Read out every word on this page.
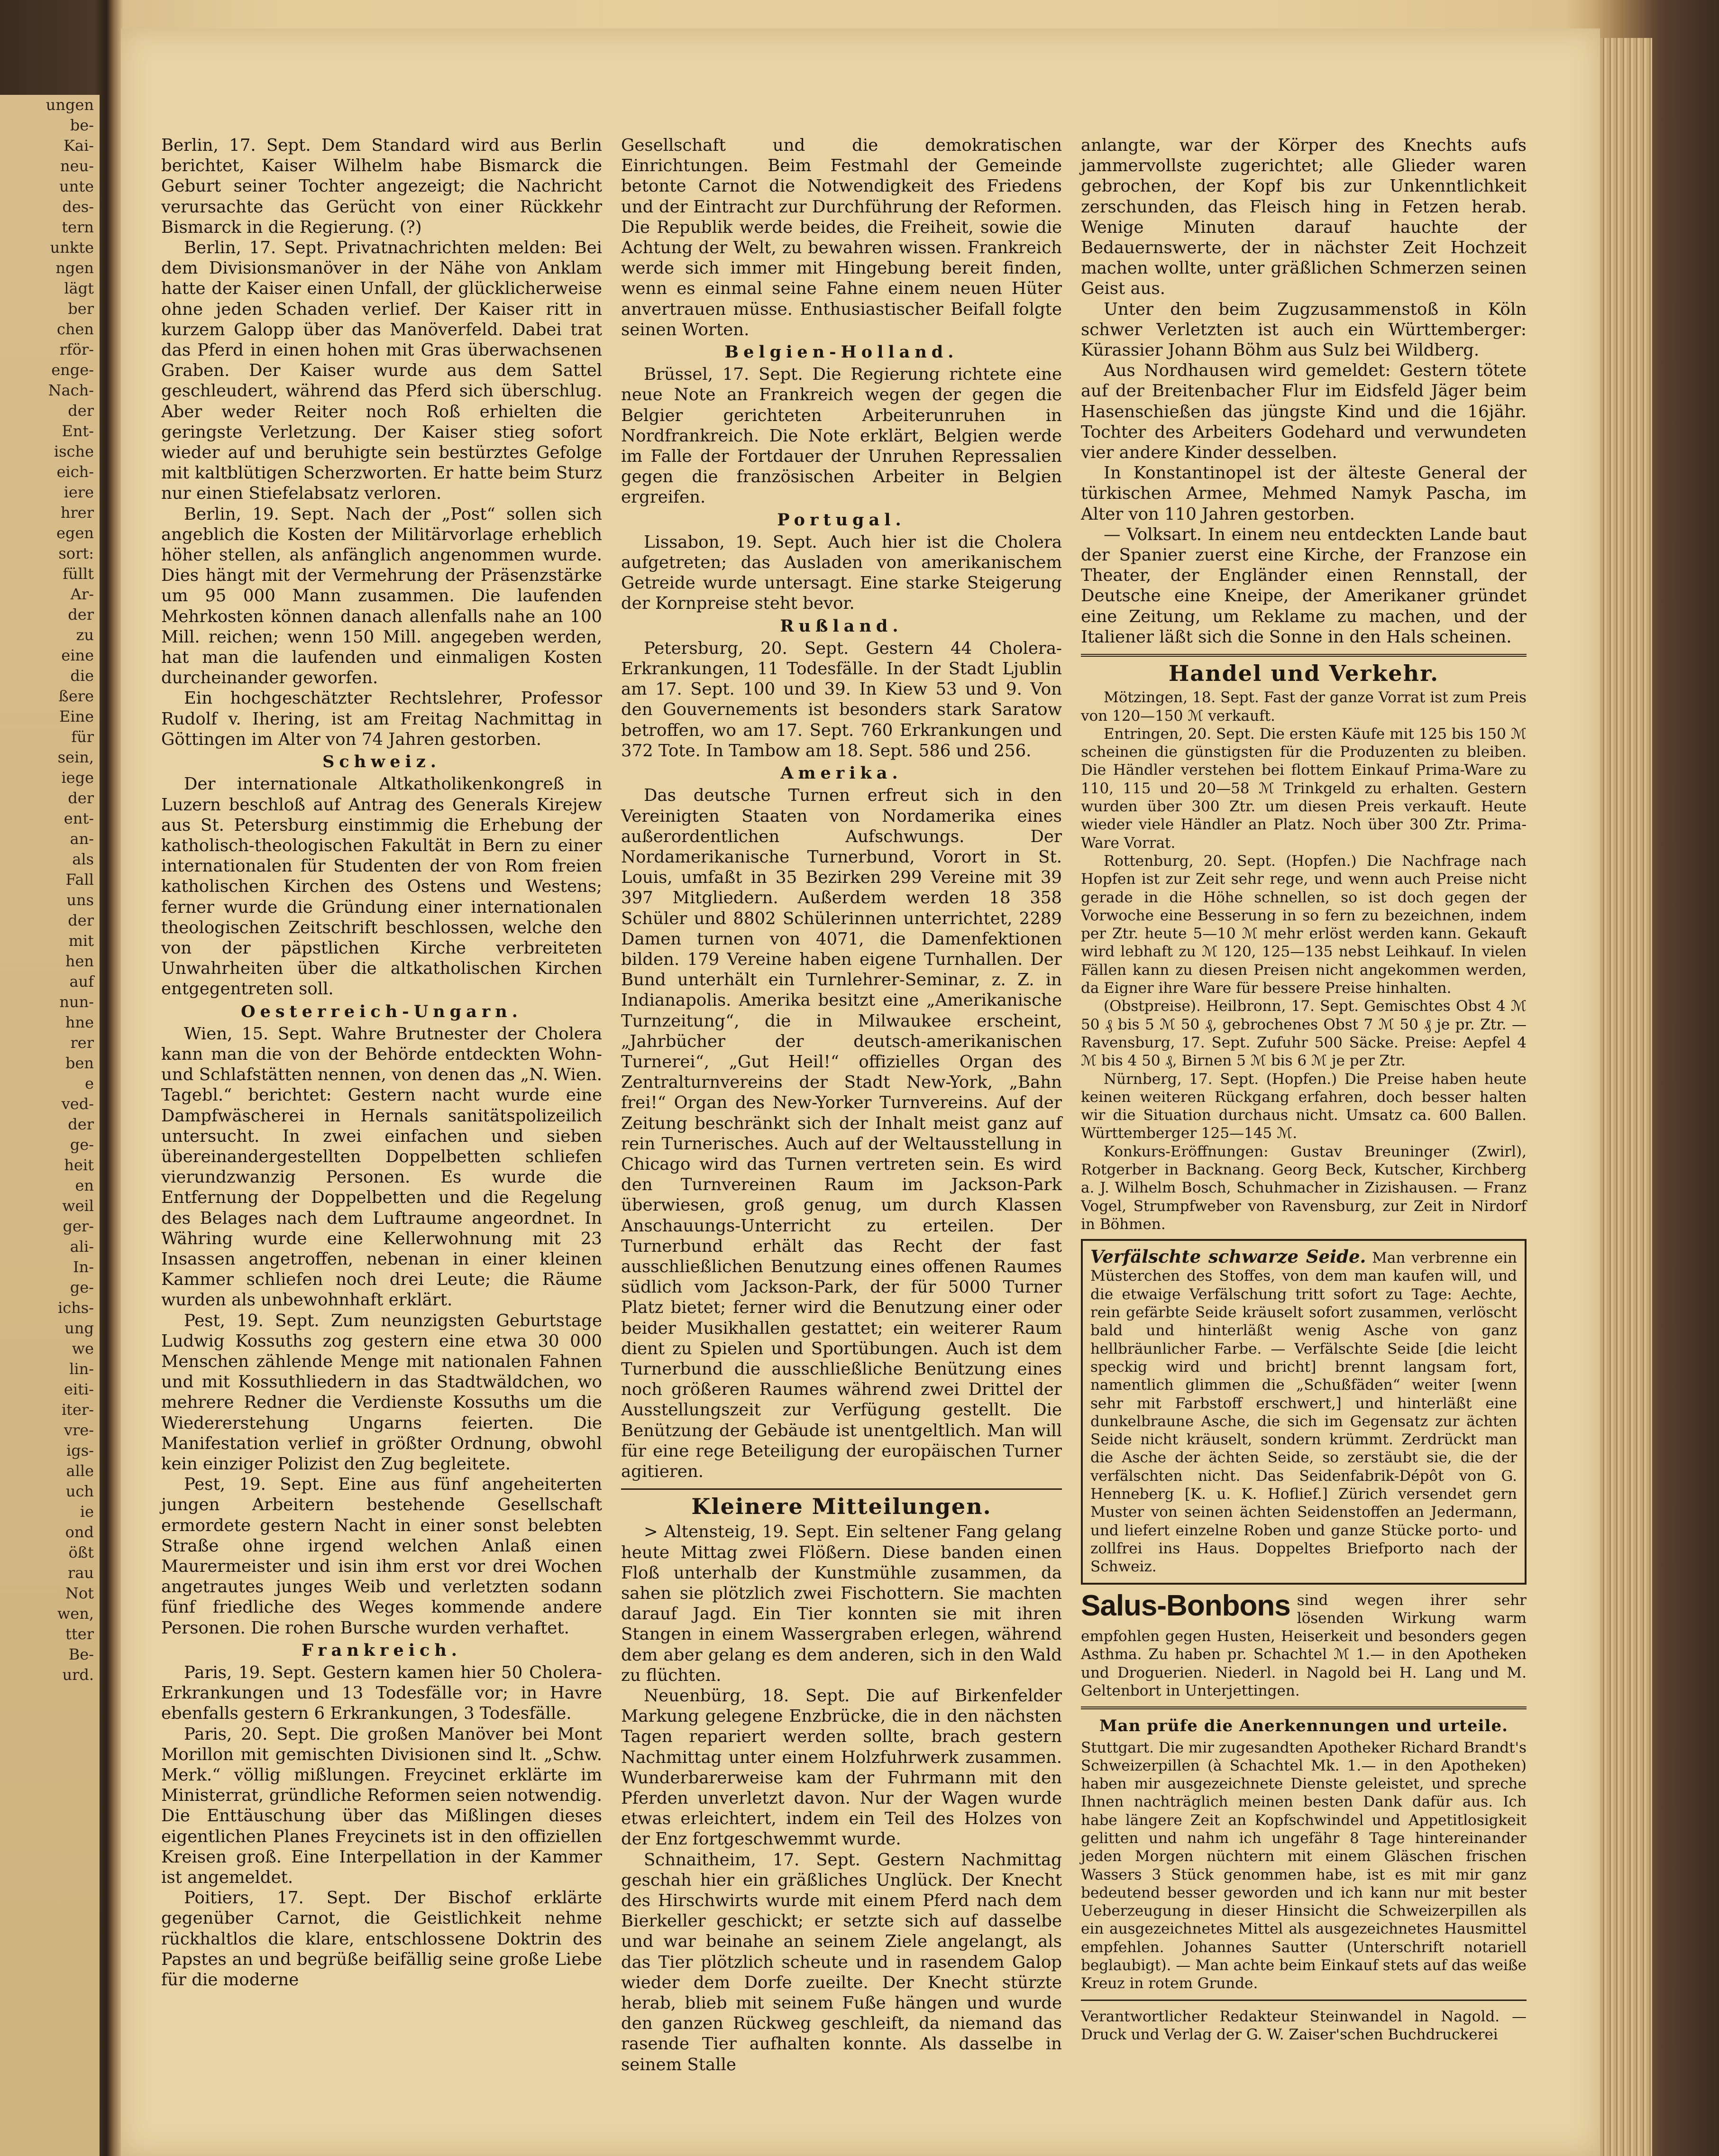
ungen
be-
Kai-
neu-
unte
des-
tern
unkte
ngen
lägt
ber
chen
rför-
enge-
Nach-
der
Ent-
ische
eich-
iere
hrer
egen
sort:
füllt
Ar-
der
zu
eine
die
ßere
Eine
für
sein,
iege
der
ent-
an-
als
Fall
uns
der
mit
hen
auf
nun-
hne
rer
ben
e
ved-
der
ge-
heit
en
weil
ger-
ali-
In-
ge-
ichs-
ung
we
lin-
eiti-
iter-
vre-
igs-
alle
uch
ie
ond
ößt
rau
Not
wen,
tter
Be-
urd.

Berlin, 17. Sept. Dem Standard wird aus Berlin berichtet, Kaiser Wilhelm habe Bismarck die Geburt seiner Tochter angezeigt; die Nachricht verursachte das Gerücht von einer Rückkehr Bismarck in die Regierung. (?)

Berlin, 17. Sept. Privatnachrichten melden: Bei dem Divisionsmanöver in der Nähe von Anklam hatte der Kaiser einen Unfall, der glücklicherweise ohne jeden Schaden verlief. Der Kaiser ritt in kurzem Galopp über das Manöverfeld. Dabei trat das Pferd in einen hohen mit Gras überwachsenen Graben. Der Kaiser wurde aus dem Sattel geschleudert, während das Pferd sich überschlug. Aber weder Reiter noch Roß erhielten die geringste Verletzung. Der Kaiser stieg sofort wieder auf und beruhigte sein bestürztes Gefolge mit kaltblütigen Scherzworten. Er hatte beim Sturz nur einen Stiefelabsatz verloren.

Berlin, 19. Sept. Nach der „Post“ sollen sich angeblich die Kosten der Militärvorlage erheblich höher stellen, als anfänglich angenommen wurde. Dies hängt mit der Vermehrung der Präsenzstärke um 95 000 Mann zusammen. Die laufenden Mehrkosten können danach allenfalls nahe an 100 Mill. reichen; wenn 150 Mill. angegeben werden, hat man die laufenden und einmaligen Kosten durcheinander geworfen.

Ein hochgeschätzter Rechtslehrer, Professor Rudolf v. Ihering, ist am Freitag Nachmittag in Göttingen im Alter von 74 Jahren gestorben.

Schweiz.

Der internationale Altkatholikenkongreß in Luzern beschloß auf Antrag des Generals Kirejew aus St. Petersburg einstimmig die Erhebung der katholisch-theologischen Fakultät in Bern zu einer internationalen für Studenten der von Rom freien katholischen Kirchen des Ostens und Westens; ferner wurde die Gründung einer internationalen theologischen Zeitschrift beschlossen, welche den von der päpstlichen Kirche verbreiteten Unwahrheiten über die altkatholischen Kirchen entgegentreten soll.

Oesterreich-Ungarn.

Wien, 15. Sept. Wahre Brutnester der Cholera kann man die von der Behörde entdeckten Wohn- und Schlafstätten nennen, von denen das „N. Wien. Tagebl.“ berichtet: Gestern nacht wurde eine Dampfwäscherei in Hernals sanitätspolizeilich untersucht. In zwei einfachen und sieben übereinandergestellten Doppelbetten schliefen vierundzwanzig Personen. Es wurde die Entfernung der Doppelbetten und die Regelung des Belages nach dem Luftraume angeordnet. In Währing wurde eine Kellerwohnung mit 23 Insassen angetroffen, nebenan in einer kleinen Kammer schliefen noch drei Leute; die Räume wurden als unbewohnhaft erklärt.

Pest, 19. Sept. Zum neunzigsten Geburtstage Ludwig Kossuths zog gestern eine etwa 30 000 Menschen zählende Menge mit nationalen Fahnen und mit Kossuthliedern in das Stadtwäldchen, wo mehrere Redner die Verdienste Kossuths um die Wiedererstehung Ungarns feierten. Die Manifestation verlief in größter Ordnung, obwohl kein einziger Polizist den Zug begleitete.

Pest, 19. Sept. Eine aus fünf angeheiterten jungen Arbeitern bestehende Gesellschaft ermordete gestern Nacht in einer sonst belebten Straße ohne irgend welchen Anlaß einen Maurermeister und isin ihm erst vor drei Wochen angetrautes junges Weib und verletzten sodann fünf friedliche des Weges kommende andere Personen. Die rohen Bursche wurden verhaftet.

Frankreich.

Paris, 19. Sept. Gestern kamen hier 50 Cholera-Erkrankungen und 13 Todesfälle vor; in Havre ebenfalls gestern 6 Erkrankungen, 3 Todesfälle.

Paris, 20. Sept. Die großen Manöver bei Mont Morillon mit gemischten Divisionen sind lt. „Schw. Merk.“ völlig mißlungen. Freycinet erklärte im Ministerrat, gründliche Reformen seien notwendig. Die Enttäuschung über das Mißlingen dieses eigentlichen Planes Freycinets ist in den offiziellen Kreisen groß. Eine Interpellation in der Kammer ist angemeldet.

Poitiers, 17. Sept. Der Bischof erklärte gegenüber Carnot, die Geistlichkeit nehme rückhaltlos die klare, entschlossene Doktrin des Papstes an und begrüße beifällig seine große Liebe für die moderne

Gesellschaft und die demokratischen Einrichtungen. Beim Festmahl der Gemeinde betonte Carnot die Notwendigkeit des Friedens und der Eintracht zur Durchführung der Reformen. Die Republik werde beides, die Freiheit, sowie die Achtung der Welt, zu bewahren wissen. Frankreich werde sich immer mit Hingebung bereit finden, wenn es einmal seine Fahne einem neuen Hüter anvertrauen müsse. Enthusiastischer Beifall folgte seinen Worten.

Belgien-Holland.

Brüssel, 17. Sept. Die Regierung richtete eine neue Note an Frankreich wegen der gegen die Belgier gerichteten Arbeiterunruhen in Nordfrankreich. Die Note erklärt, Belgien werde im Falle der Fortdauer der Unruhen Repressalien gegen die französischen Arbeiter in Belgien ergreifen.

Portugal.

Lissabon, 19. Sept. Auch hier ist die Cholera aufgetreten; das Ausladen von amerikanischem Getreide wurde untersagt. Eine starke Steigerung der Kornpreise steht bevor.

Rußland.

Petersburg, 20. Sept. Gestern 44 Cholera-Erkrankungen, 11 Todesfälle. In der Stadt Ljublin am 17. Sept. 100 und 39. In Kiew 53 und 9. Von den Gouvernements ist besonders stark Saratow betroffen, wo am 17. Sept. 760 Erkrankungen und 372 Tote. In Tambow am 18. Sept. 586 und 256.

Amerika.

Das deutsche Turnen erfreut sich in den Vereinigten Staaten von Nordamerika eines außerordentlichen Aufschwungs. Der Nordamerikanische Turnerbund, Vorort in St. Louis, umfaßt in 35 Bezirken 299 Vereine mit 39 397 Mitgliedern. Außerdem werden 18 358 Schüler und 8802 Schülerinnen unterrichtet, 2289 Damen turnen von 4071, die Damenfektionen bilden. 179 Vereine haben eigene Turnhallen. Der Bund unterhält ein Turnlehrer-Seminar, z. Z. in Indianapolis. Amerika besitzt eine „Amerikanische Turnzeitung“, die in Milwaukee erscheint, „Jahrbücher der deutsch-amerikanischen Turnerei“, „Gut Heil!“ offizielles Organ des Zentralturnvereins der Stadt New-York, „Bahn frei!“ Organ des New-Yorker Turnvereins. Auf der Zeitung beschränkt sich der Inhalt meist ganz auf rein Turnerisches. Auch auf der Weltausstellung in Chicago wird das Turnen vertreten sein. Es wird den Turnvereinen Raum im Jackson-Park überwiesen, groß genug, um durch Klassen Anschauungs-Unterricht zu erteilen. Der Turnerbund erhält das Recht der fast ausschließlichen Benutzung eines offenen Raumes südlich vom Jackson-Park, der für 5000 Turner Platz bietet; ferner wird die Benutzung einer oder beider Musikhallen gestattet; ein weiterer Raum dient zu Spielen und Sportübungen. Auch ist dem Turnerbund die ausschließliche Benützung eines noch größeren Raumes während zwei Drittel der Ausstellungszeit zur Verfügung gestellt. Die Benützung der Gebäude ist unentgeltlich. Man will für eine rege Beteiligung der europäischen Turner agitieren.

Kleinere Mitteilungen.

> Altensteig, 19. Sept. Ein seltener Fang gelang heute Mittag zwei Flößern. Diese banden einen Floß unterhalb der Kunstmühle zusammen, da sahen sie plötzlich zwei Fischottern. Sie machten darauf Jagd. Ein Tier konnten sie mit ihren Stangen in einem Wassergraben erlegen, während dem aber gelang es dem anderen, sich in den Wald zu flüchten.

Neuenbürg, 18. Sept. Die auf Birkenfelder Markung gelegene Enzbrücke, die in den nächsten Tagen repariert werden sollte, brach gestern Nachmittag unter einem Holzfuhrwerk zusammen. Wunderbarerweise kam der Fuhrmann mit den Pferden unverletzt davon. Nur der Wagen wurde etwas erleichtert, indem ein Teil des Holzes von der Enz fortgeschwemmt wurde.

Schnaitheim, 17. Sept. Gestern Nachmittag geschah hier ein gräßliches Unglück. Der Knecht des Hirschwirts wurde mit einem Pferd nach dem Bierkeller geschickt; er setzte sich auf dasselbe und war beinahe an seinem Ziele angelangt, als das Tier plötzlich scheute und in rasendem Galop wieder dem Dorfe zueilte. Der Knecht stürzte herab, blieb mit seinem Fuße hängen und wurde den ganzen Rückweg geschleift, da niemand das rasende Tier aufhalten konnte. Als dasselbe in seinem Stalle

anlangte, war der Körper des Knechts aufs jammervollste zugerichtet; alle Glieder waren gebrochen, der Kopf bis zur Unkenntlichkeit zerschunden, das Fleisch hing in Fetzen herab. Wenige Minuten darauf hauchte der Bedauernswerte, der in nächster Zeit Hochzeit machen wollte, unter gräßlichen Schmerzen seinen Geist aus.

Unter den beim Zugzusammenstoß in Köln schwer Verletzten ist auch ein Württemberger: Kürassier Johann Böhm aus Sulz bei Wildberg.

Aus Nordhausen wird gemeldet: Gestern tötete auf der Breitenbacher Flur im Eidsfeld Jäger beim Hasenschießen das jüngste Kind und die 16jähr. Tochter des Arbeiters Godehard und verwundeten vier andere Kinder desselben.

In Konstantinopel ist der älteste General der türkischen Armee, Mehmed Namyk Pascha, im Alter von 110 Jahren gestorben.

— Volksart. In einem neu entdeckten Lande baut der Spanier zuerst eine Kirche, der Franzose ein Theater, der Engländer einen Rennstall, der Deutsche eine Kneipe, der Amerikaner gründet eine Zeitung, um Reklame zu machen, und der Italiener läßt sich die Sonne in den Hals scheinen.

Handel und Verkehr.

Mötzingen, 18. Sept. Fast der ganze Vorrat ist zum Preis von 120—150 ℳ verkauft.

Entringen, 20. Sept. Die ersten Käufe mit 125 bis 150 ℳ scheinen die günstigsten für die Produzenten zu bleiben. Die Händler verstehen bei flottem Einkauf Prima-Ware zu 110, 115 und 20—58 ℳ Trinkgeld zu erhalten. Gestern wurden über 300 Ztr. um diesen Preis verkauft. Heute wieder viele Händler an Platz. Noch über 300 Ztr. Prima-Ware Vorrat.

Rottenburg, 20. Sept. (Hopfen.) Die Nachfrage nach Hopfen ist zur Zeit sehr rege, und wenn auch Preise nicht gerade in die Höhe schnellen, so ist doch gegen der Vorwoche eine Besserung in so fern zu bezeichnen, indem per Ztr. heute 5—10 ℳ mehr erlöst werden kann. Gekauft wird lebhaft zu ℳ 120, 125—135 nebst Leihkauf. In vielen Fällen kann zu diesen Preisen nicht angekommen werden, da Eigner ihre Ware für bessere Preise hinhalten.

(Obstpreise). Heilbronn, 17. Sept. Gemischtes Obst 4 ℳ 50 ₰ bis 5 ℳ 50 ₰, gebrochenes Obst 7 ℳ 50 ₰ je pr. Ztr. — Ravensburg, 17. Sept. Zufuhr 500 Säcke. Preise: Aepfel 4 ℳ bis 4 50 ₰, Birnen 5 ℳ bis 6 ℳ je per Ztr.

Nürnberg, 17. Sept. (Hopfen.) Die Preise haben heute keinen weiteren Rückgang erfahren, doch besser halten wir die Situation durchaus nicht. Umsatz ca. 600 Ballen. Württemberger 125—145 ℳ.

Konkurs-Eröffnungen: Gustav Breuninger (Zwirl), Rotgerber in Backnang. Georg Beck, Kutscher, Kirchberg a. J. Wilhelm Bosch, Schuhmacher in Zizishausen. — Franz Vogel, Strumpfweber von Ravensburg, zur Zeit in Nirdorf in Böhmen.

Verfälschte schwarze Seide. Man verbrenne ein Müsterchen des Stoffes, von dem man kaufen will, und die etwaige Verfälschung tritt sofort zu Tage: Aechte, rein gefärbte Seide kräuselt sofort zusammen, verlöscht bald und hinterläßt wenig Asche von ganz hellbräunlicher Farbe. — Verfälschte Seide [die leicht speckig wird und bricht] brennt langsam fort, namentlich glimmen die „Schußfäden“ weiter [wenn sehr mit Farbstoff erschwert,] und hinterläßt eine dunkelbraune Asche, die sich im Gegensatz zur ächten Seide nicht kräuselt, sondern krümmt. Zerdrückt man die Asche der ächten Seide, so zerstäubt sie, die der verfälschten nicht. Das Seidenfabrik-Dépôt von G. Henneberg [K. u. K. Hoflief.] Zürich versendet gern Muster von seinen ächten Seidenstoffen an Jedermann, und liefert einzelne Roben und ganze Stücke porto- und zollfrei ins Haus. Doppeltes Briefporto nach der Schweiz.
Salus-Bonbons sind wegen ihrer sehr lösenden Wirkung warm empfohlen gegen Husten, Heiserkeit und besonders gegen Asthma. Zu haben pr. Schachtel ℳ 1.— in den Apotheken und Droguerien. Niederl. in Nagold bei H. Lang und M. Geltenbort in Unterjettingen.
Man prüfe die Anerkennungen und urteile.

Stuttgart. Die mir zugesandten Apotheker Richard Brandt's Schweizerpillen (à Schachtel Mk. 1.— in den Apotheken) haben mir ausgezeichnete Dienste geleistet, und spreche Ihnen nachträglich meinen besten Dank dafür aus. Ich habe längere Zeit an Kopfschwindel und Appetitlosigkeit gelitten und nahm ich ungefähr 8 Tage hintereinander jeden Morgen nüchtern mit einem Gläschen frischen Wassers 3 Stück genommen habe, ist es mit mir ganz bedeutend besser geworden und ich kann nur mit bester Ueberzeugung in dieser Hinsicht die Schweizerpillen als ein ausgezeichnetes Mittel als ausgezeichnetes Hausmittel empfehlen. Johannes Sautter (Unterschrift notariell beglaubigt). — Man achte beim Einkauf stets auf das weiße Kreuz in rotem Grunde.

Verantwortlicher Redakteur Steinwandel in Nagold. — Druck und Verlag der G. W. Zaiser'schen Buchdruckerei
